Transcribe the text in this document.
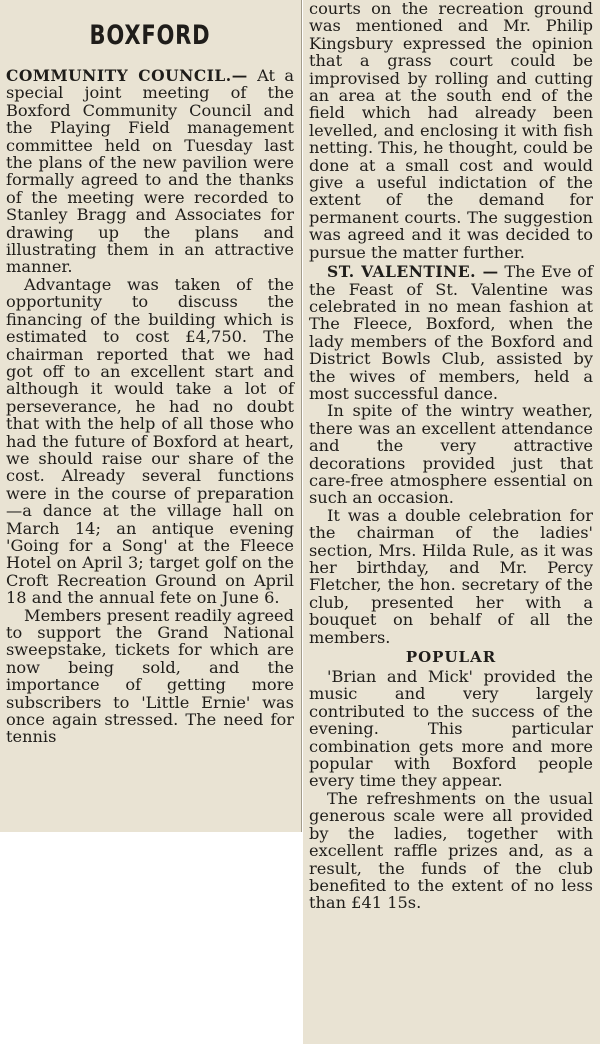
BOXFORD

COMMUNITY COUNCIL.— At a special joint meeting of the Boxford Community Council and the Playing Field management committee held on Tuesday last the plans of the new pavilion were formally agreed to and the thanks of the meeting were recorded to Stanley Bragg and Associates for drawing up the plans and illustrating them in an attractive manner.

Advantage was taken of the opportunity to discuss the financing of the building which is estimated to cost £4,750. The chairman reported that we had got off to an excellent start and although it would take a lot of perseverance, he had no doubt that with the help of all those who had the future of Boxford at heart, we should raise our share of the cost. Already several functions were in the course of preparation—a dance at the village hall on March 14; an antique evening 'Going for a Song' at the Fleece Hotel on April 3; target golf on the Croft Recreation Ground on April 18 and the annual fete on June 6.

Members present readily agreed to support the Grand National sweepstake, tickets for which are now being sold, and the importance of getting more subscribers to 'Little Ernie' was once again stressed. The need for tennis

courts on the recreation ground was mentioned and Mr. Philip Kingsbury expressed the opinion that a grass court could be improvised by rolling and cutting an area at the south end of the field which had already been levelled, and enclosing it with fish netting. This, he thought, could be done at a small cost and would give a useful indictation of the extent of the demand for permanent courts. The suggestion was agreed and it was decided to pursue the matter further.

ST. VALENTINE. — The Eve of the Feast of St. Valentine was celebrated in no mean fashion at The Fleece, Boxford, when the lady members of the Boxford and District Bowls Club, assisted by the wives of members, held a most successful dance.

In spite of the wintry weather, there was an excellent attendance and the very attractive decorations provided just that care-free atmosphere essential on such an occasion.

It was a double celebration for the chairman of the ladies' section, Mrs. Hilda Rule, as it was her birthday, and Mr. Percy Fletcher, the hon. secretary of the club, presented her with a bouquet on behalf of all the members.

POPULAR

'Brian and Mick' provided the music and very largely contributed to the success of the evening. This particular combination gets more and more popular with Boxford people every time they appear.

The refreshments on the usual generous scale were all provided by the ladies, together with excellent raffle prizes and, as a result, the funds of the club benefited to the extent of no less than £41 15s.
